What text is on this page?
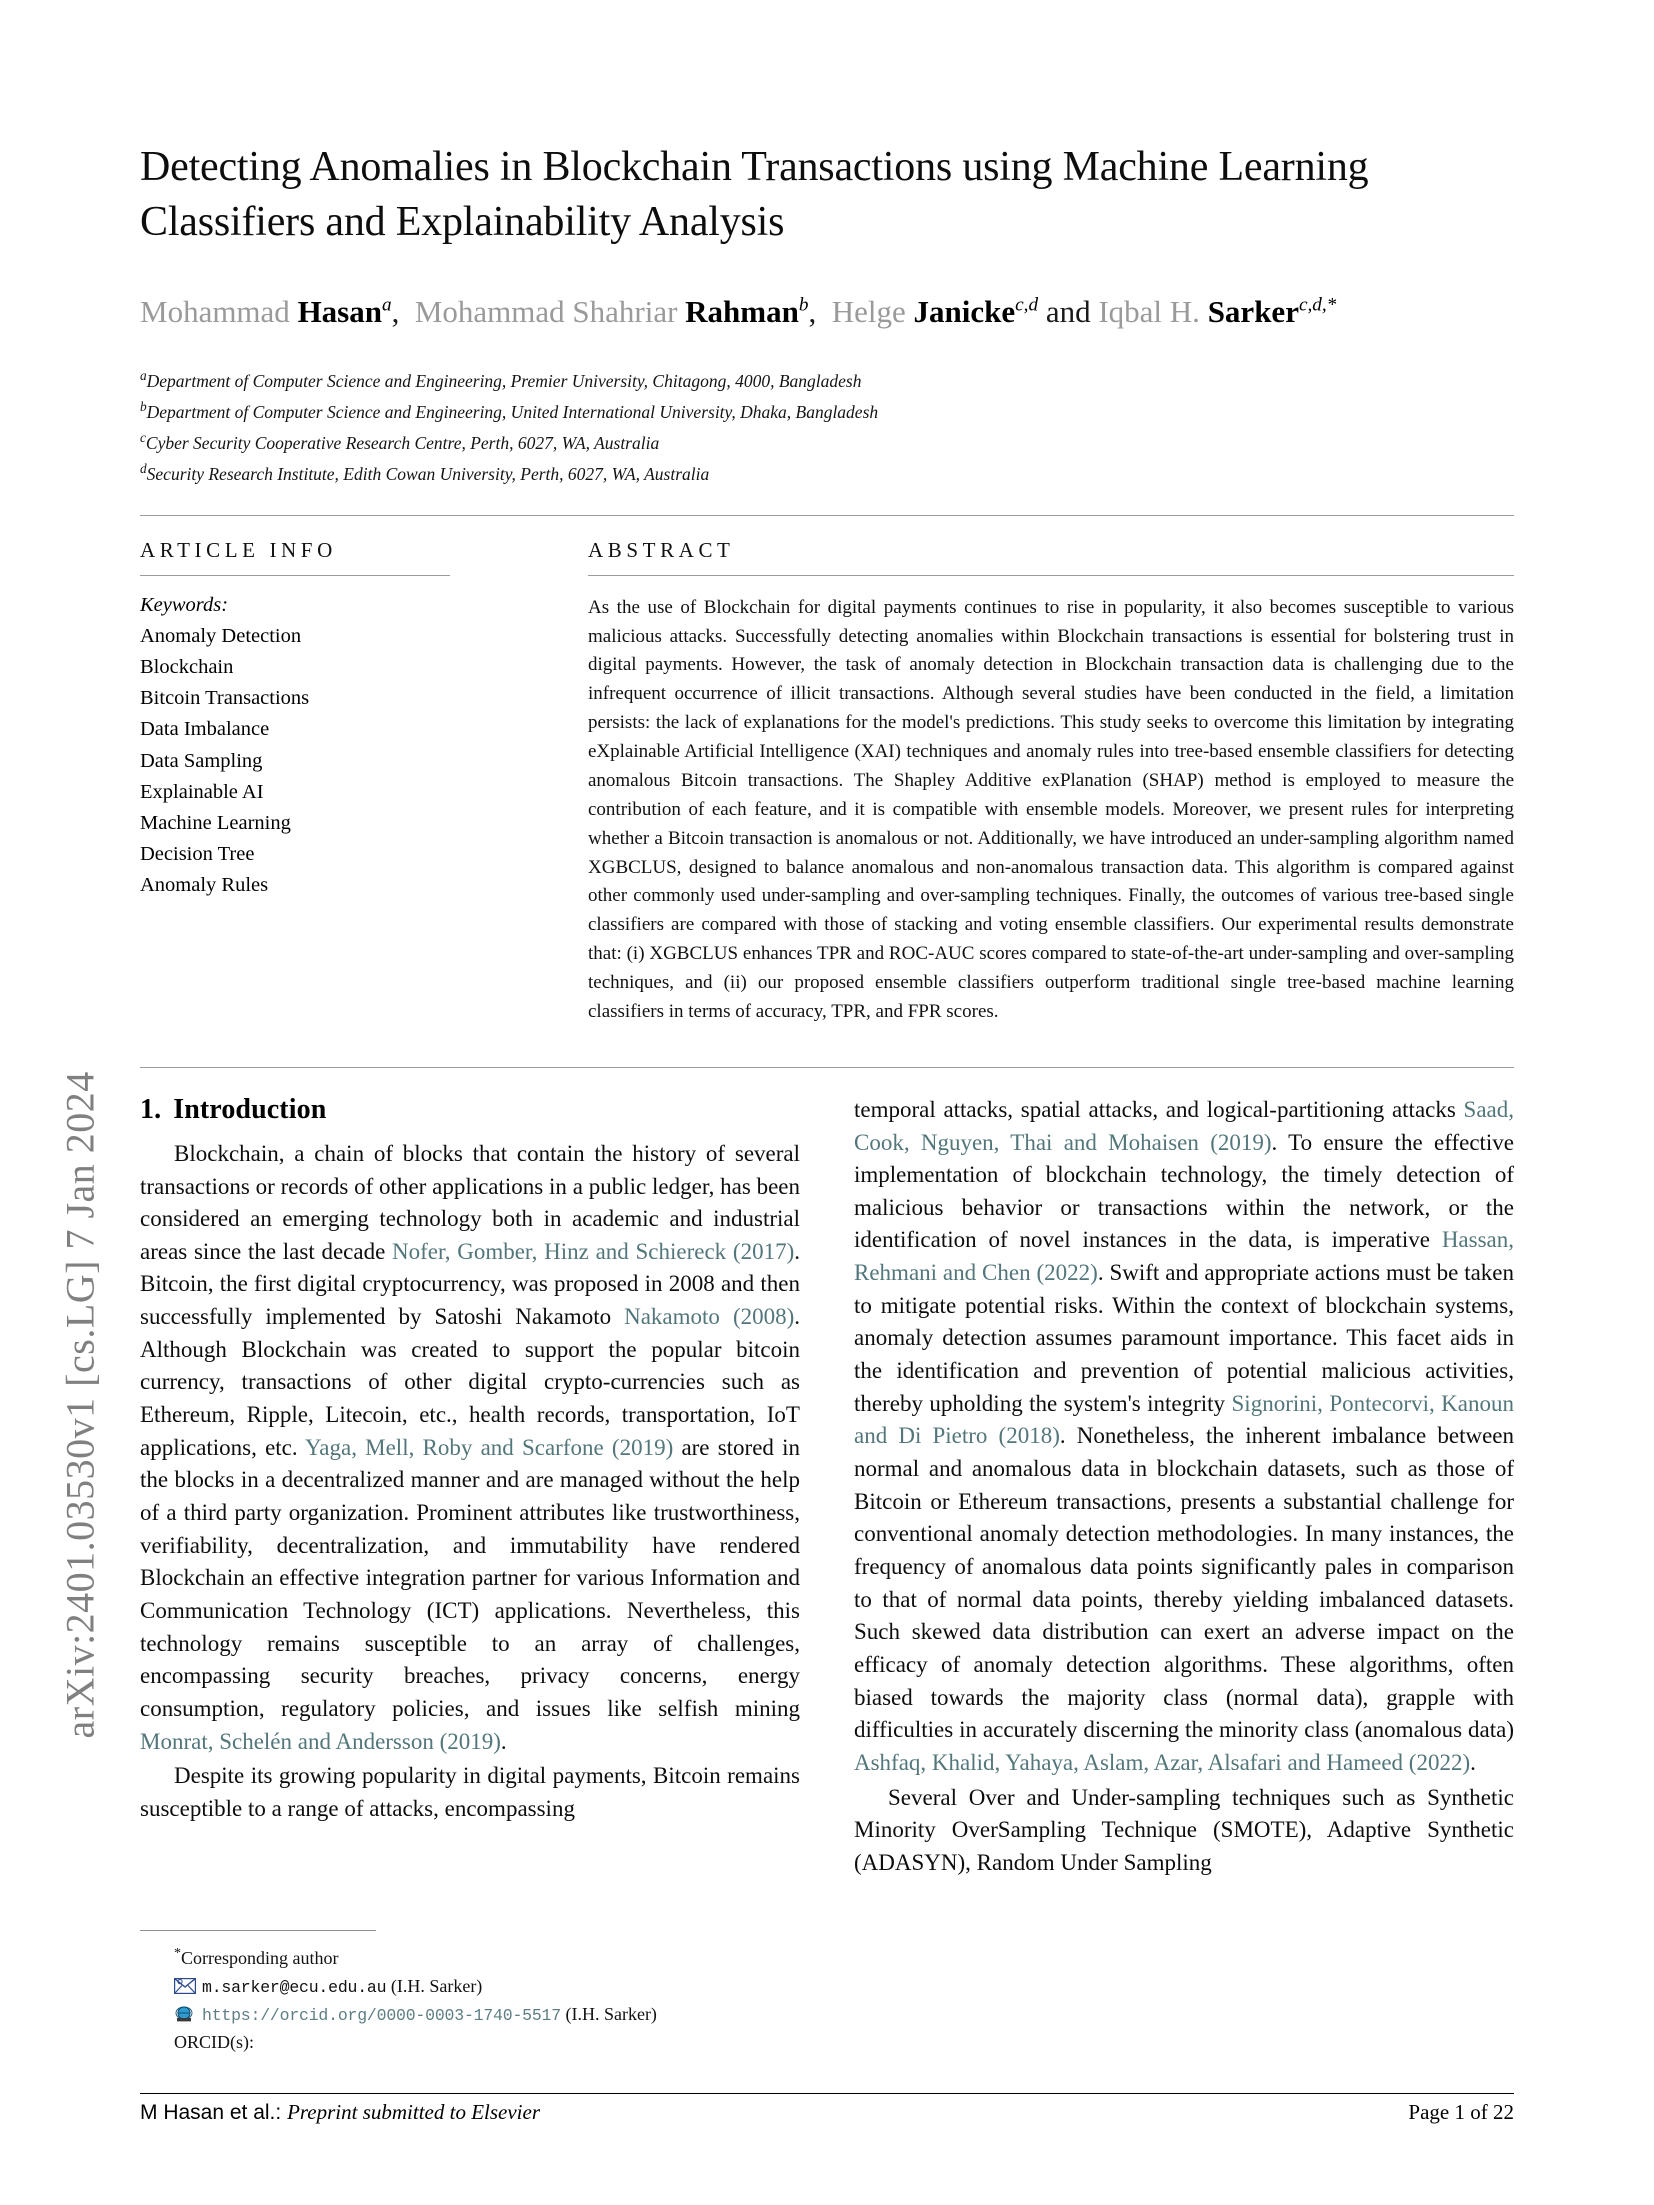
arXiv:2401.03530v1 [cs.LG] 7 Jan 2024
Detecting Anomalies in Blockchain Transactions using Machine Learning Classifiers and Explainability Analysis
Mohammad Hasan$^a$,  Mohammad Shahriar Rahman$^b$,  Helge Janicke$^{c,d}$ and Iqbal H. Sarker$^{c,d,*}$
$^a$Department of Computer Science and Engineering, Premier University, Chitagong, 4000, Bangladesh
$^b$Department of Computer Science and Engineering, United International University, Dhaka, Bangladesh
$^c$Cyber Security Cooperative Research Centre, Perth, 6027, WA, Australia
$^d$Security Research Institute, Edith Cowan University, Perth, 6027, WA, Australia
ARTICLE INFO
Keywords:
Anomaly Detection
Blockchain
Bitcoin Transactions
Data Imbalance
Data Sampling
Explainable AI
Machine Learning
Decision Tree
Anomaly Rules
ABSTRACT
As the use of Blockchain for digital payments continues to rise in popularity, it also becomes susceptible to various malicious attacks. Successfully detecting anomalies within Blockchain transactions is essential for bolstering trust in digital payments. However, the task of anomaly detection in Blockchain transaction data is challenging due to the infrequent occurrence of illicit transactions. Although several studies have been conducted in the field, a limitation persists: the lack of explanations for the model's predictions. This study seeks to overcome this limitation by integrating eXplainable Artificial Intelligence (XAI) techniques and anomaly rules into tree-based ensemble classifiers for detecting anomalous Bitcoin transactions. The Shapley Additive exPlanation (SHAP) method is employed to measure the contribution of each feature, and it is compatible with ensemble models. Moreover, we present rules for interpreting whether a Bitcoin transaction is anomalous or not. Additionally, we have introduced an under-sampling algorithm named XGBCLUS, designed to balance anomalous and non-anomalous transaction data. This algorithm is compared against other commonly used under-sampling and over-sampling techniques. Finally, the outcomes of various tree-based single classifiers are compared with those of stacking and voting ensemble classifiers. Our experimental results demonstrate that: (i) XGBCLUS enhances TPR and ROC-AUC scores compared to state-of-the-art under-sampling and over-sampling techniques, and (ii) our proposed ensemble classifiers outperform traditional single tree-based machine learning classifiers in terms of accuracy, TPR, and FPR scores.
1. Introduction

Blockchain, a chain of blocks that contain the history of several transactions or records of other applications in a public ledger, has been considered an emerging technology both in academic and industrial areas since the last decade Nofer, Gomber, Hinz and Schiereck (2017). Bitcoin, the first digital cryptocurrency, was proposed in 2008 and then successfully implemented by Satoshi Nakamoto Nakamoto (2008). Although Blockchain was created to support the popular bitcoin currency, transactions of other digital crypto-currencies such as Ethereum, Ripple, Litecoin, etc., health records, transportation, IoT applications, etc. Yaga, Mell, Roby and Scarfone (2019) are stored in the blocks in a decentralized manner and are managed without the help of a third party organization. Prominent attributes like trustworthiness, verifiability, decentralization, and immutability have rendered Blockchain an effective integration partner for various Information and Communication Technology (ICT) applications. Nevertheless, this technology remains susceptible to an array of challenges, encompassing security breaches, privacy concerns, energy consumption, regulatory policies, and issues like selfish mining Monrat, Schelén and Andersson (2019).

Despite its growing popularity in digital payments, Bitcoin remains susceptible to a range of attacks, encompassing

temporal attacks, spatial attacks, and logical-partitioning attacks Saad, Cook, Nguyen, Thai and Mohaisen (2019). To ensure the effective implementation of blockchain technology, the timely detection of malicious behavior or transactions within the network, or the identification of novel instances in the data, is imperative Hassan, Rehmani and Chen (2022). Swift and appropriate actions must be taken to mitigate potential risks. Within the context of blockchain systems, anomaly detection assumes paramount importance. This facet aids in the identification and prevention of potential malicious activities, thereby upholding the system's integrity Signorini, Pontecorvi, Kanoun and Di Pietro (2018). Nonetheless, the inherent imbalance between normal and anomalous data in blockchain datasets, such as those of Bitcoin or Ethereum transactions, presents a substantial challenge for conventional anomaly detection methodologies. In many instances, the frequency of anomalous data points significantly pales in comparison to that of normal data points, thereby yielding imbalanced datasets. Such skewed data distribution can exert an adverse impact on the efficacy of anomaly detection algorithms. These algorithms, often biased towards the majority class (normal data), grapple with difficulties in accurately discerning the minority class (anomalous data) Ashfaq, Khalid, Yahaya, Aslam, Azar, Alsafari and Hameed (2022).

Several Over and Under-sampling techniques such as Synthetic Minority OverSampling Technique (SMOTE), Adaptive Synthetic (ADASYN), Random Under Sampling

*Corresponding author
m.sarker@ecu.edu.au (I.H. Sarker)
https://orcid.org/0000-0003-1740-5517 (I.H. Sarker)
ORCID(s):
M Hasan et al.: Preprint submitted to Elsevier	Page 1 of 22
